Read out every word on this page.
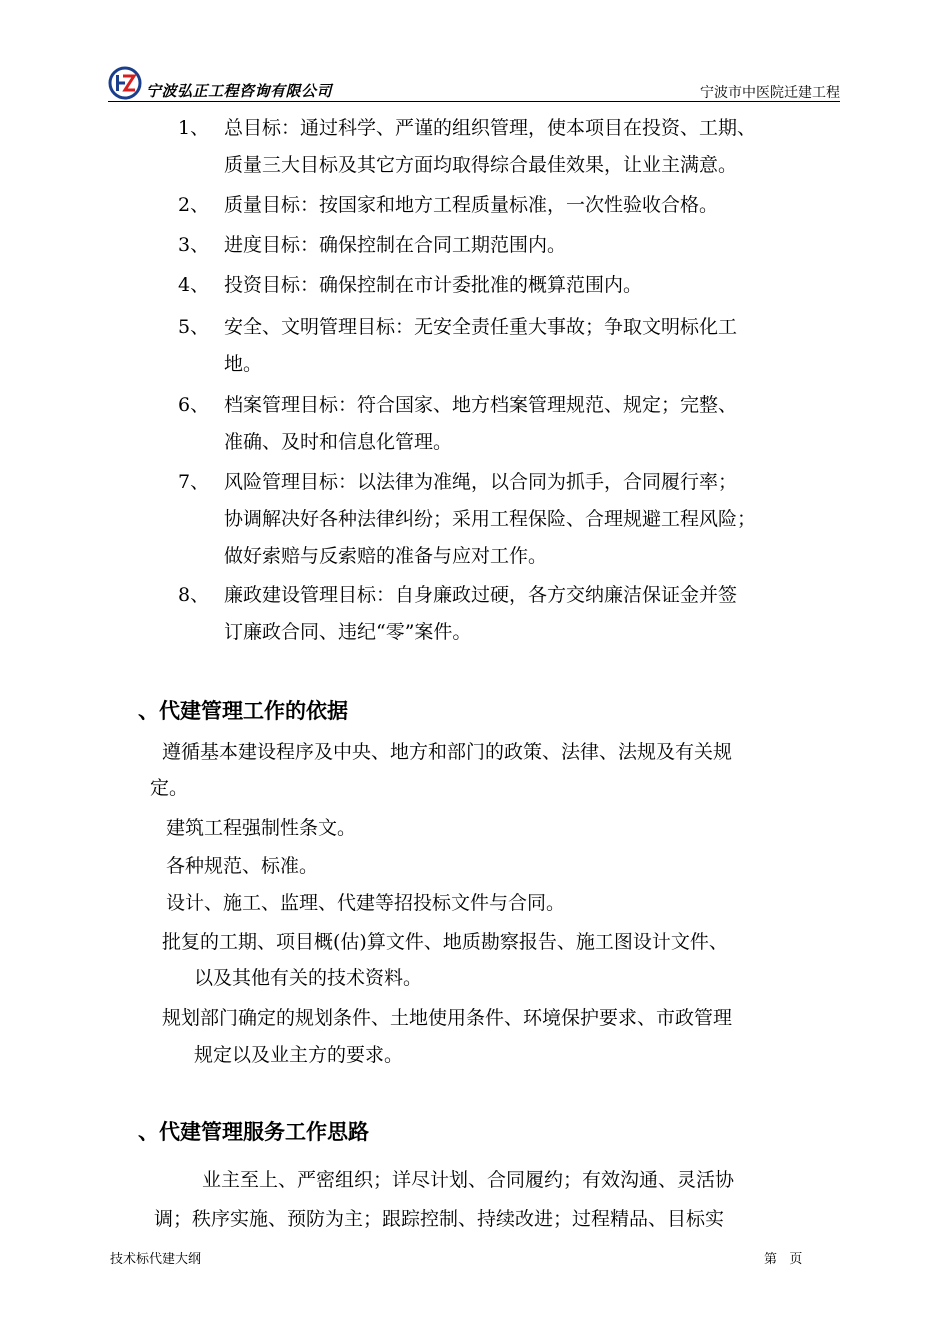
宁波弘正工程咨询有限公司	宁波市中医院迁建工程
1、 总目标：通过科学、严谨的组织管理，使本项目在投资、工期、
质量三大目标及其它方面均取得综合最佳效果，让业主满意。
2、 质量目标：按国家和地方工程质量标准，一次性验收合格。
3、 进度目标：确保控制在合同工期范围内。
4、 投资目标：确保控制在市计委批准的概算范围内。
5、 安全、文明管理目标：无安全责任重大事故；争取文明标化工
地。
6、 档案管理目标：符合国家、地方档案管理规范、规定；完整、
准确、及时和信息化管理。
7、 风险管理目标：以法律为准绳，以合同为抓手，合同履行率；
协调解决好各种法律纠纷；采用工程保险、合理规避工程风险；
做好索赔与反索赔的准备与应对工作。
8、 廉政建设管理目标：自身廉政过硬，各方交纳廉洁保证金并签
订廉政合同、违纪“零”案件。
、代建管理工作的依据
遵循基本建设程序及中央、地方和部门的政策、法律、法规及有关规
定。
建筑工程强制性条文。
各种规范、标准。
设计、施工、监理、代建等招投标文件与合同。
批复的工期、项目概(估)算文件、地质勘察报告、施工图设计文件、
以及其他有关的技术资料。
规划部门确定的规划条件、土地使用条件、环境保护要求、市政管理
规定以及业主方的要求。
、代建管理服务工作思路
业主至上、严密组织；详尽计划、合同履约；有效沟通、灵活协
调；秩序实施、预防为主；跟踪控制、持续改进；过程精品、目标实
技术标代建大纲	第   页
